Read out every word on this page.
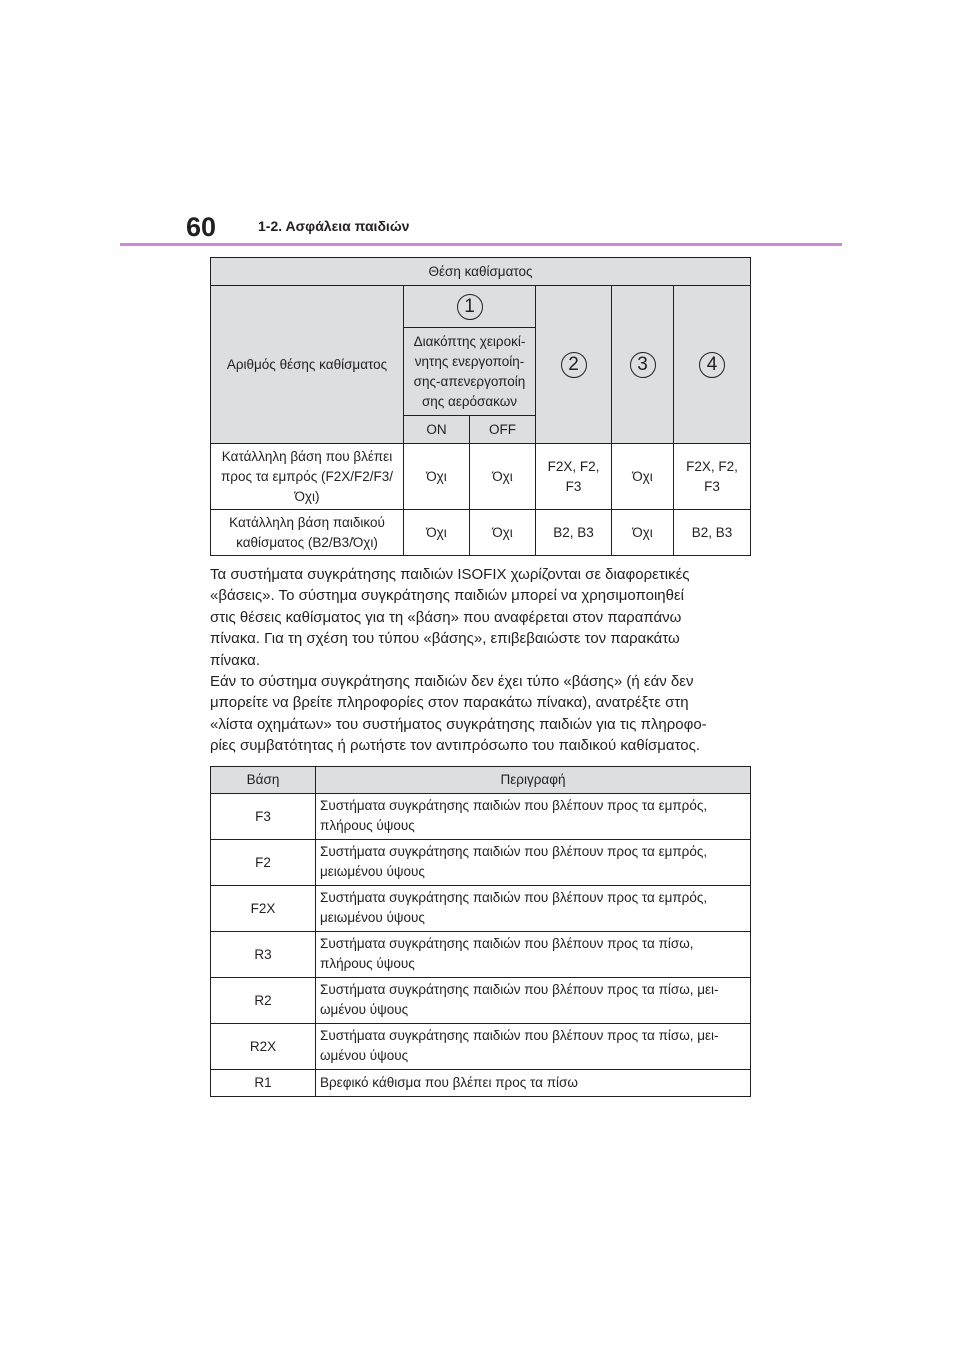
60	1-2. Ασφάλεια παιδιών
Θέση καθίσματος					
Αριθμός θέσης καθίσματος	1		2	3	4
	Διακόπτης χειροκί-νητης ενεργοποίη-σης-απενεργοποίη σης αερόσακων				
	ON	OFF			
Κατάλληλη βάση που βλέπει προς τα εμπρός (F2X/F2/F3/Όχι)	Όχι	Όχι	F2X, F2, F3	Όχι	F2X, F2, F3
Κατάλληλη βάση παιδικού καθίσματος (B2/B3/Όχι)	Όχι	Όχι	B2, B3	Όχι	B2, B3
Τα συστήματα συγκράτησης παιδιών ISOFIX χωρίζονται σε διαφορετικές
«βάσεις». Το σύστημα συγκράτησης παιδιών μπορεί να χρησιμοποιηθεί
στις θέσεις καθίσματος για τη «βάση» που αναφέρεται στον παραπάνω
πίνακα. Για τη σχέση του τύπου «βάσης», επιβεβαιώστε τον παρακάτω
πίνακα.
Εάν το σύστημα συγκράτησης παιδιών δεν έχει τύπο «βάσης» (ή εάν δεν
μπορείτε να βρείτε πληροφορίες στον παρακάτω πίνακα), ανατρέξτε στη
«λίστα οχημάτων» του συστήματος συγκράτησης παιδιών για τις πληροφο-
ρίες συμβατότητας ή ρωτήστε τον αντιπρόσωπο του παιδικού καθίσματος.
Βάση	Περιγραφή
F3	Συστήματα συγκράτησης παιδιών που βλέπουν προς τα εμπρός, πλήρους ύψους
F2	Συστήματα συγκράτησης παιδιών που βλέπουν προς τα εμπρός, μειωμένου ύψους
F2X	Συστήματα συγκράτησης παιδιών που βλέπουν προς τα εμπρός, μειωμένου ύψους
R3	Συστήματα συγκράτησης παιδιών που βλέπουν προς τα πίσω, πλήρους ύψους
R2	Συστήματα συγκράτησης παιδιών που βλέπουν προς τα πίσω, μει-ωμένου ύψους
R2X	Συστήματα συγκράτησης παιδιών που βλέπουν προς τα πίσω, μει-ωμένου ύψους
R1	Βρεφικό κάθισμα που βλέπει προς τα πίσω
